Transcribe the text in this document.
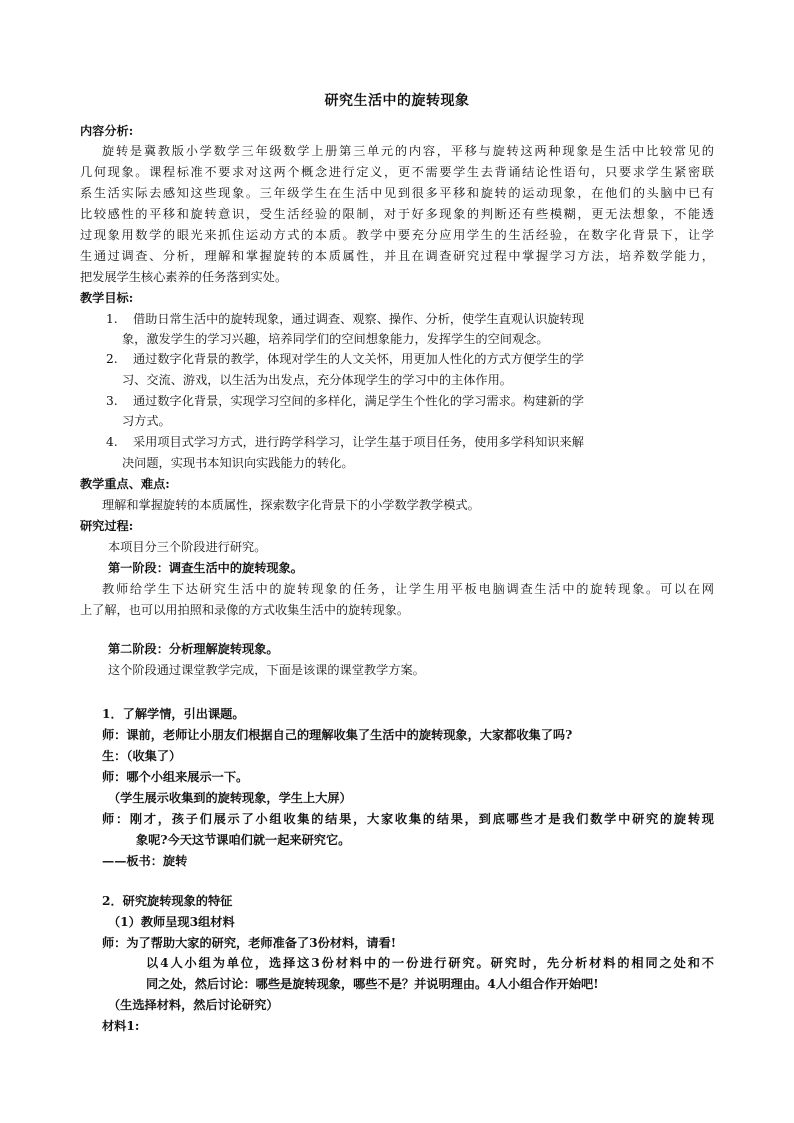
研究生活中的旋转现象
内容分析:
旋转是冀教版小学数学三年级数学上册第三单元的内容，平移与旋转这两种现象是生活中比较常见的
几何现象。课程标准不要求对这两个概念进行定义，更不需要学生去背诵结论性语句，只要求学生紧密联
系生活实际去感知这些现象。三年级学生在生活中见到很多平移和旋转的运动现象，在他们的头脑中已有
比较感性的平移和旋转意识，受生活经验的限制，对于好多现象的判断还有些模糊，更无法想象，不能透
过现象用数学的眼光来抓住运动方式的本质。教学中要充分应用学生的生活经验，在数字化背景下，让学
生通过调查、分析，理解和掌握旋转的本质属性，并且在调查研究过程中掌握学习方法，培养数学能力，
把发展学生核心素养的任务落到实处。
教学目标:
1. 借助日常生活中的旋转现象，通过调查、观察、操作、分析，使学生直观认识旋转现
象，激发学生的学习兴趣，培养同学们的空间想象能力，发挥学生的空间观念。
2. 通过数字化背景的教学，体现对学生的人文关怀，用更加人性化的方式方便学生的学
习、交流、游戏，以生活为出发点，充分体现学生的学习中的主体作用。
3. 通过数字化背景，实现学习空间的多样化，满足学生个性化的学习需求。构建新的学
习方式。
4. 采用项目式学习方式，进行跨学科学习，让学生基于项目任务，使用多学科知识来解
决问题，实现书本知识向实践能力的转化。
教学重点、难点:
理解和掌握旋转的本质属性，探索数字化背景下的小学数学教学模式。
研究过程:
本项目分三个阶段进行研究。
第一阶段：调查生活中的旋转现象。
教师给学生下达研究生活中的旋转现象的任务，让学生用平板电脑调查生活中的旋转现象。可以在网
上了解，也可以用拍照和录像的方式收集生活中的旋转现象。
第二阶段：分析理解旋转现象。
这个阶段通过课堂教学完成，下面是该课的课堂教学方案。
1．了解学情，引出课题。
师：课前，老师让小朋友们根据自己的理解收集了生活中的旋转现象，大家都收集了吗?
生：（收集了）
师：哪个小组来展示一下。
（学生展示收集到的旋转现象，学生上大屏）
师：刚才，孩子们展示了小组收集的结果，大家收集的结果，到底哪些才是我们数学中研究的旋转现
象呢?今天这节课咱们就一起来研究它。
——板书：旋转
2．研究旋转现象的特征
（1）教师呈现3组材料
师：为了帮助大家的研究，老师准备了3份材料，请看!
以4人小组为单位，选择这3份材料中的一份进行研究。研究时，先分析材料的相同之处和不
同之处，然后讨论：哪些是旋转现象，哪些不是？并说明理由。4人小组合作开始吧!
（生选择材料，然后讨论研究）
材料1:
